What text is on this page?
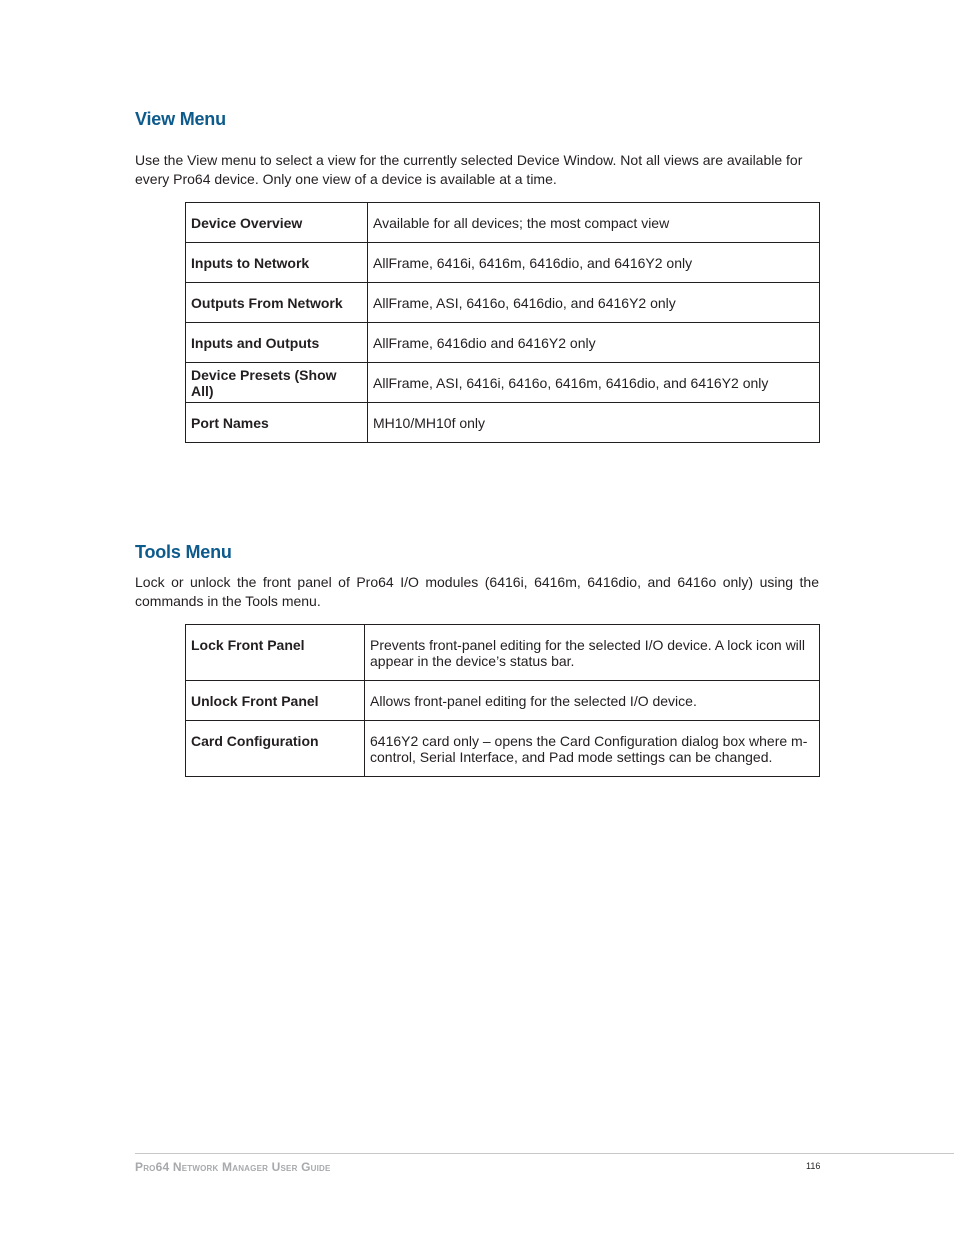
View Menu

Use the View menu to select a view for the currently selected Device Window. Not all views are available for every Pro64 device. Only one view of a device is available at a time.

Device Overview	Available for all devices; the most compact view
Inputs to Network	AllFrame, 6416i, 6416m, 6416dio, and 6416Y2 only
Outputs From Network	AllFrame, ASI, 6416o, 6416dio, and 6416Y2 only
Inputs and Outputs	AllFrame, 6416dio and 6416Y2 only
Device Presets (Show All)	AllFrame, ASI, 6416i, 6416o, 6416m, 6416dio, and 6416Y2 only
Port Names	MH10/MH10f only
Tools Menu

Lock or unlock the front panel of Pro64 I/O modules (6416i, 6416m, 6416dio, and 6416o only) using the commands in the Tools menu.

Lock Front Panel	Prevents front-panel editing for the selected I/O device. A lock icon will appear in the device’s status bar.
Unlock Front Panel	Allows front-panel editing for the selected I/O device.
Card Configuration	6416Y2 card only – opens the Card Configuration dialog box where m-control, Serial Interface, and Pad mode settings can be changed.
Pro64 Network Manager User Guide	116
